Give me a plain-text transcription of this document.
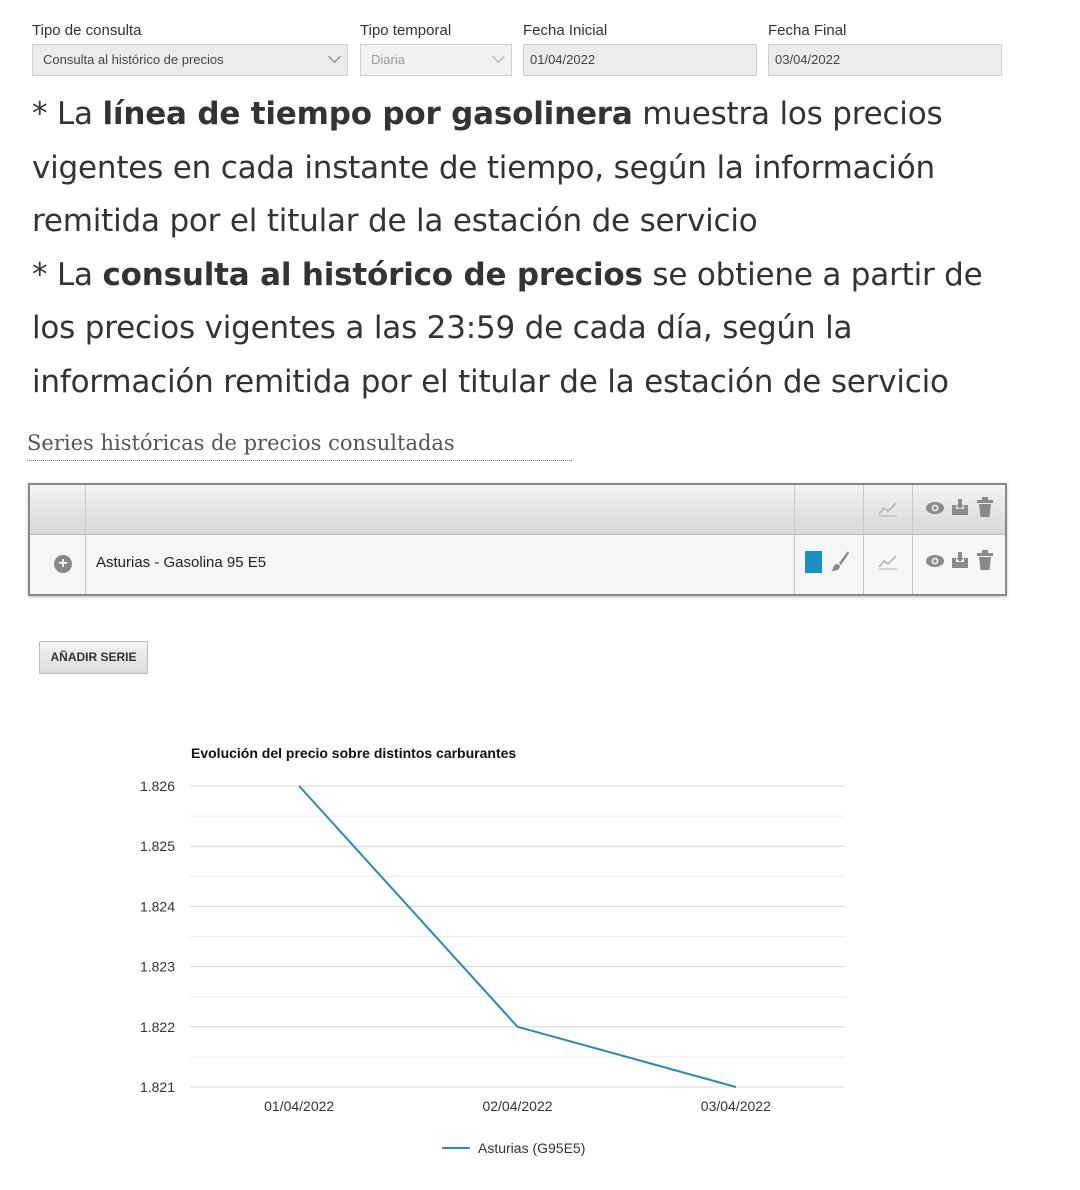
Tipo de consulta
Consulta al histórico de precios
Tipo temporal
Diaria
Fecha Inicial
01/04/2022
Fecha Final
03/04/2022

* La línea de tiempo por gasolinera muestra los precios vigentes en cada instante de tiempo, según la información remitida por el titular de la estación de servicio

* La consulta al histórico de precios se obtiene a partir de los precios vigentes a las 23:59 de cada día, según la información remitida por el titular de la estación de servicio

Series históricas de precios consultadas
+ Asturias - Gasolina 95 E5
AÑADIR SERIE
Evolución del precio sobre distintos carburantes
1.821
1.822
1.823
1.824
1.825
1.826
01/04/2022	02/04/2022	03/04/2022
Asturias (G95E5)
